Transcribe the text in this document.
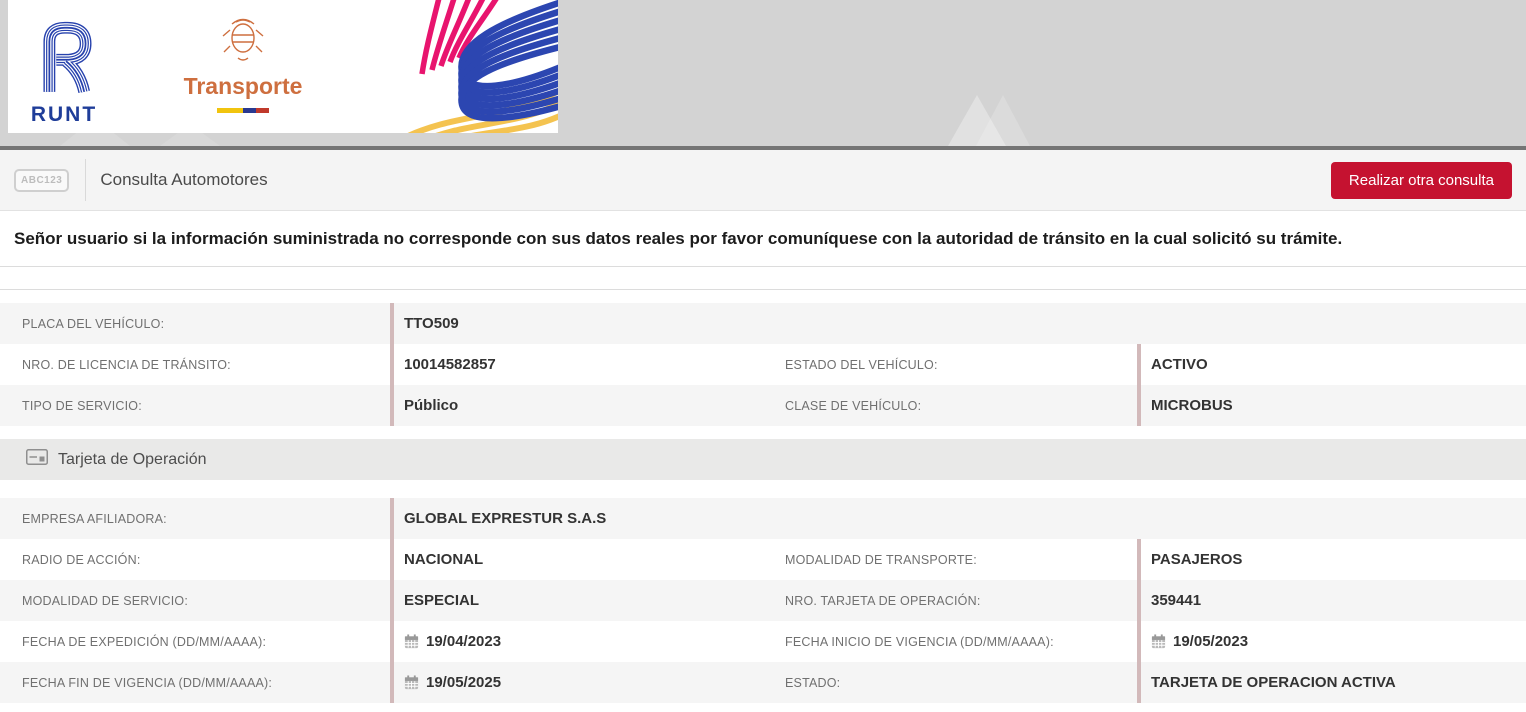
RUNT
Transporte
ABC123	Consulta Automotores	Realizar otra consulta
Señor usuario si la información suministrada no corresponde con sus datos reales por favor comuníquese con la autoridad de tránsito en la cual solicitó su trámite.
PLACA DEL VEHÍCULO:	TTO509
NRO. DE LICENCIA DE TRÁNSITO:	10014582857	ESTADO DEL VEHÍCULO:	ACTIVO
TIPO DE SERVICIO:	Público	CLASE DE VEHÍCULO:	MICROBUS
Tarjeta de Operación
EMPRESA AFILIADORA:	GLOBAL EXPRESTUR S.A.S
RADIO DE ACCIÓN:	NACIONAL	MODALIDAD DE TRANSPORTE:	PASAJEROS
MODALIDAD DE SERVICIO:	ESPECIAL	NRO. TARJETA DE OPERACIÓN:	359441
FECHA DE EXPEDICIÓN (DD/MM/AAAA):	19/04/2023	FECHA INICIO DE VIGENCIA (DD/MM/AAAA):	19/05/2023
FECHA FIN DE VIGENCIA (DD/MM/AAAA):	19/05/2025	ESTADO:	TARJETA DE OPERACION ACTIVA
